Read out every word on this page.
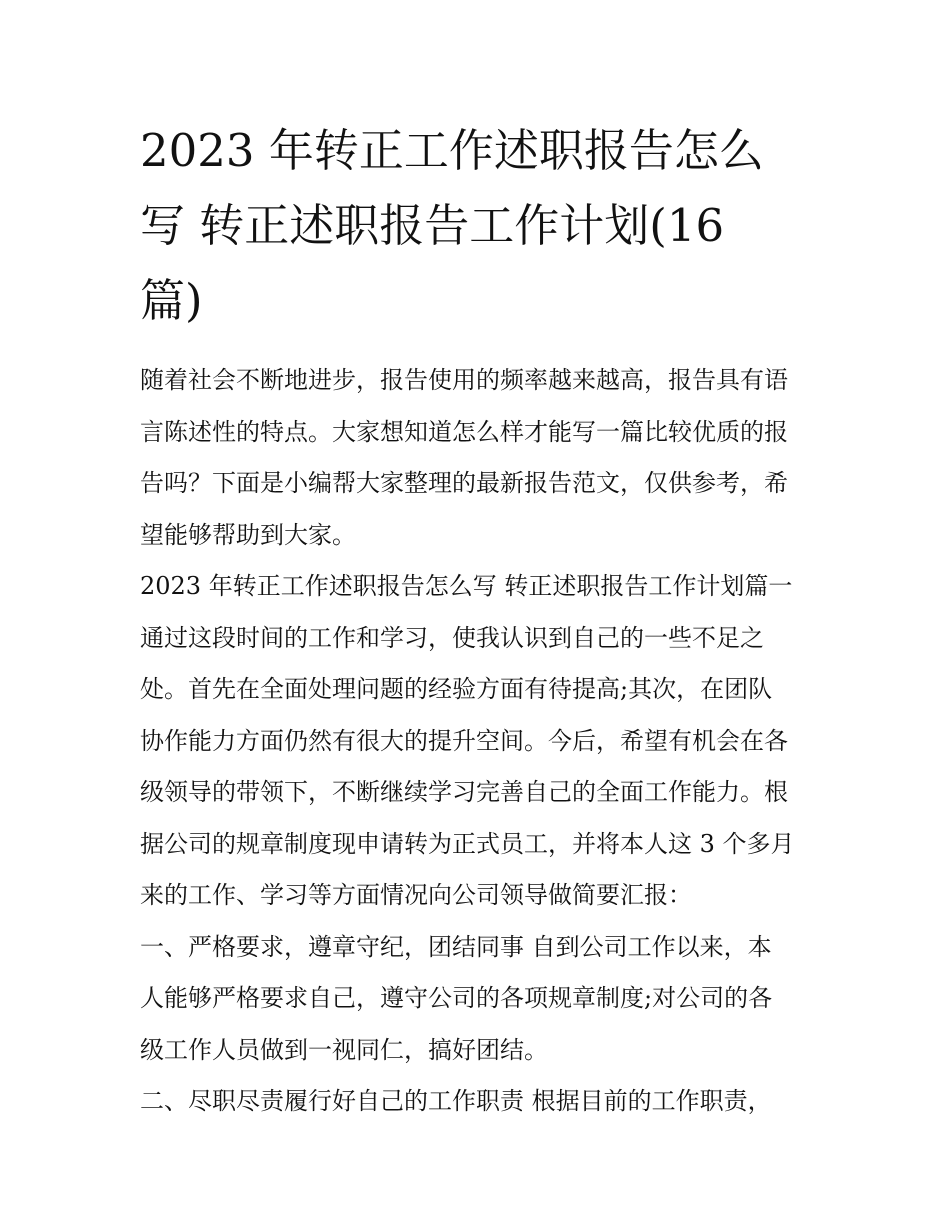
2023 年转正工作述职报告怎么
写 转正述职报告工作计划(16
篇)
随着社会不断地进步，报告使用的频率越来越高，报告具有语
言陈述性的特点。大家想知道怎么样才能写一篇比较优质的报
告吗？下面是小编帮大家整理的最新报告范文，仅供参考，希
望能够帮助到大家。
2023 年转正工作述职报告怎么写 转正述职报告工作计划篇一
通过这段时间的工作和学习，使我认识到自己的一些不足之
处。首先在全面处理问题的经验方面有待提高;其次，在团队
协作能力方面仍然有很大的提升空间。今后，希望有机会在各
级领导的带领下，不断继续学习完善自己的全面工作能力。根
据公司的规章制度现申请转为正式员工，并将本人这 3 个多月
来的工作、学习等方面情况向公司领导做简要汇报：
一、严格要求，遵章守纪，团结同事 自到公司工作以来，本
人能够严格要求自己，遵守公司的各项规章制度;对公司的各
级工作人员做到一视同仁，搞好团结。
二、尽职尽责履行好自己的工作职责 根据目前的工作职责，
